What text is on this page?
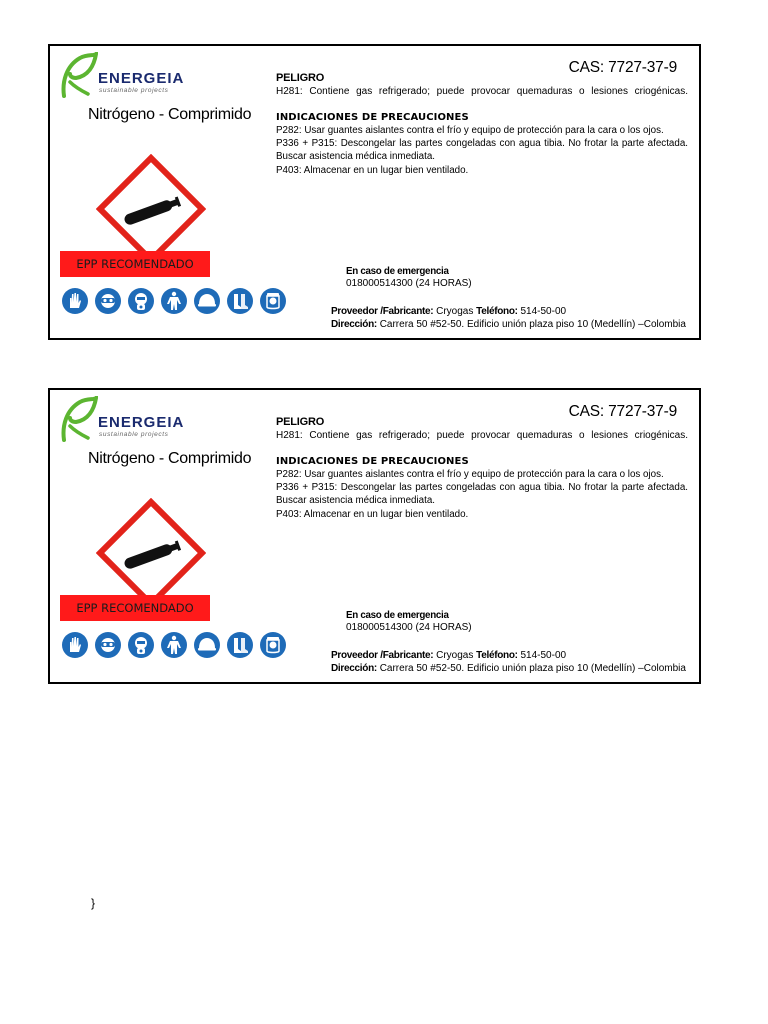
ENERGEIA
sustainable projects
Nitrógeno - Comprimido
EPP RECOMENDADO
CAS: 7727-37-9
PELIGRO
H281: Contiene gas refrigerado; puede provocar quemaduras o lesiones criogénicas.
INDICACIONES DE PRECAUCIONES
P282: Usar guantes aislantes contra el frío y equipo de protección para la cara o los ojos.
P336 + P315: Descongelar las partes congeladas con agua tibia. No frotar la parte afectada.
Buscar asistencia médica inmediata.
P403: Almacenar en un lugar bien ventilado.
En caso de emergencia
018000514300 (24 HORAS)
Proveedor /Fabricante: Cryogas Teléfono: 514-50-00
Dirección: Carrera 50 #52-50. Edificio unión plaza piso 10 (Medellín) –Colombia
ENERGEIA
sustainable projects
Nitrógeno - Comprimido
EPP RECOMENDADO
CAS: 7727-37-9
PELIGRO
H281: Contiene gas refrigerado; puede provocar quemaduras o lesiones criogénicas.
INDICACIONES DE PRECAUCIONES
P282: Usar guantes aislantes contra el frío y equipo de protección para la cara o los ojos.
P336 + P315: Descongelar las partes congeladas con agua tibia. No frotar la parte afectada.
Buscar asistencia médica inmediata.
P403: Almacenar en un lugar bien ventilado.
En caso de emergencia
018000514300 (24 HORAS)
Proveedor /Fabricante: Cryogas Teléfono: 514-50-00
Dirección: Carrera 50 #52-50. Edificio unión plaza piso 10 (Medellín) –Colombia
}
